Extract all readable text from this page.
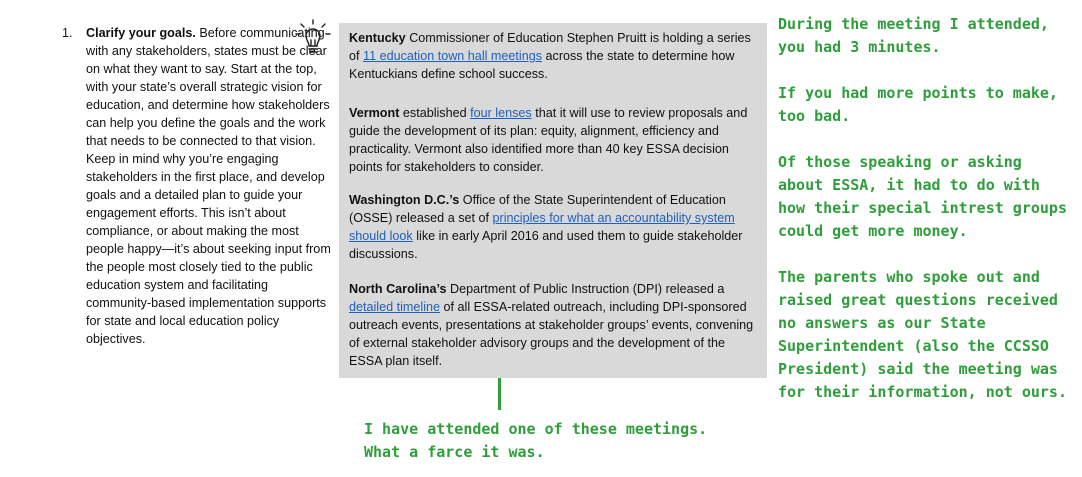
1. Clarify your goals. Before communicating with any stakeholders, states must be clear on what they want to say. Start at the top, with your state’s overall strategic vision for education, and determine how stakeholders can help you define the goals and the work that needs to be connected to that vision. Keep in mind why you’re engaging stakeholders in the first place, and develop goals and a detailed plan to guide your engagement efforts. This isn’t about compliance, or about making the most people happy—it’s about seeking input from the people most closely tied to the public education system and facilitating community-based implementation supports for state and local education policy objectives.
Kentucky Commissioner of Education Stephen Pruitt is holding a series of 11 education town hall meetings across the state to determine how Kentuckians define school success.
Vermont established four lenses that it will use to review proposals and guide the development of its plan: equity, alignment, efficiency and practicality. Vermont also identified more than 40 key ESSA decision points for stakeholders to consider.
Washington D.C.’s Office of the State Superintendent of Education (OSSE) released a set of principles for what an accountability system should look like in early April 2016 and used them to guide stakeholder discussions.
North Carolina’s Department of Public Instruction (DPI) released a detailed timeline of all ESSA-related outreach, including DPI-sponsored outreach events, presentations at stakeholder groups’ events, convening of external stakeholder advisory groups and the development of the ESSA plan itself.
I have attended one of these meetings. What a farce it was.
During the meeting I attended, you had 3 minutes.
If you had more points to make, too bad.
Of those speaking or asking about ESSA, it had to do with how their special intrest groups could get more money.
The parents who spoke out and raised great questions received no answers as our State Superintendent (also the CCSSO President) said the meeting was for their information, not ours.
